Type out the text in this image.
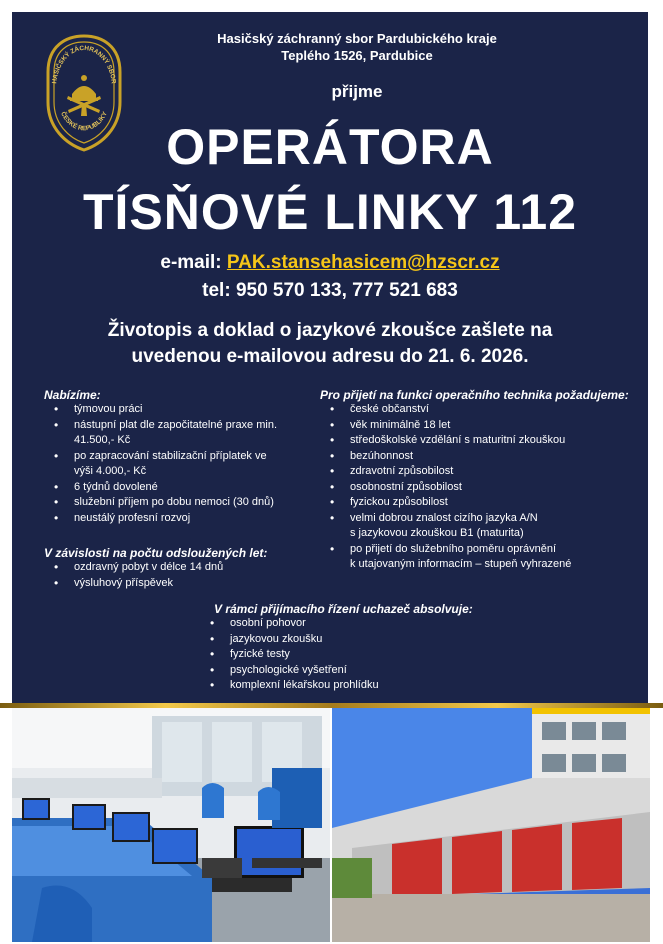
HASIČSKÝ ZÁCHRANNÝ SBOR
ČESKÉ REPUBLIKY
Hasičský záchranný sbor Pardubického kraje
Teplého 1526, Pardubice
přijme
OPERÁTORA
TÍSŇOVÉ LINKY 112
e-mail: PAK.stansehasicem@hzscr.cz
tel: 950 570 133, 777 521 683
Životopis a doklad o jazykové zkoušce zašlete na
uvedenou e-mailovou adresu do 21. 6. 2026.
Nabízíme:
• týmovou práci
• nástupní plat dle započitatelné praxe min.
41.500,- Kč
• po zapracování stabilizační příplatek ve
výši 4.000,- Kč
• 6 týdnů dovolené
• služební příjem po dobu nemoci (30 dnů)
• neustálý profesní rozvoj
V závislosti na počtu odsloužených let:
• ozdravný pobyt v délce 14 dnů
• výsluhový příspěvek
Pro přijetí na funkci operačního technika požadujeme:
• české občanství
• věk minimálně 18 let
• středoškolské vzdělání s maturitní zkouškou
• bezúhonnost
• zdravotní způsobilost
• osobnostní způsobilost
• fyzickou způsobilost
• velmi dobrou znalost cizího jazyka A/N
s jazykovou zkouškou B1 (maturita)
• po přijetí do služebního poměru oprávnění
k utajovaným informacím – stupeň vyhrazené
V rámci přijímacího řízení uchazeč absolvuje:
• osobní pohovor
• jazykovou zkoušku
• fyzické testy
• psychologické vyšetření
• komplexní lékařskou prohlídku
